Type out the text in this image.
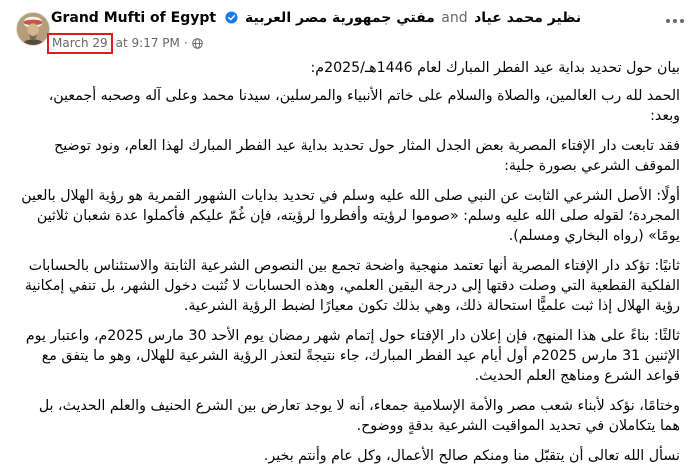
Grand Mufti of Egypt مفتي جمهورية مصر العربية and نظير محمد عياد
March 29 at 9:17 PM ·

بيان حول تحديد بداية عيد الفطر المبارك لعام 1446هـ/2025م:

الحمد لله رب العالمين، والصلاة والسلام على خاتم الأنبياء والمرسلين، سيدنا محمد وعلى آله وصحبه أجمعين، وبعد:

فقد تابعت دار الإفتاء المصرية بعض الجدل المثار حول تحديد بداية عيد الفطر المبارك لهذا العام، ونود توضيح الموقف الشرعي بصورة جلية:

أولًا: الأصل الشرعي الثابت عن النبي صلى الله عليه وسلم في تحديد بدايات الشهور القمرية هو رؤية الهلال بالعين المجردة؛ لقوله صلى الله عليه وسلم: «صوموا لرؤيته وأفطروا لرؤيته، فإن غُمّ عليكم فأكملوا عدة شعبان ثلاثين يومًا» (رواه البخاري ومسلم).

ثانيًا: تؤكد دار الإفتاء المصرية أنها تعتمد منهجية واضحة تجمع بين النصوص الشرعية الثابتة والاستئناس بالحسابات الفلكية القطعية التي وصلت دقتها إلى درجة اليقين العلمي، وهذه الحسابات لا تُثبت دخول الشهر، بل تنفي إمكانية رؤية الهلال إذا ثبت علميًّا استحالة ذلك، وهي بذلك تكون معيارًا لضبط الرؤية الشرعية.

ثالثًا: بناءً على هذا المنهج، فإن إعلان دار الإفتاء حول إتمام شهر رمضان يوم الأحد 30 مارس 2025م، واعتبار يوم الإثنين 31 مارس 2025م أول أيام عيد الفطر المبارك، جاء نتيجةً لتعذر الرؤية الشرعية للهلال، وهو ما يتفق مع قواعد الشرع ومناهج العلم الحديث.

وختامًا، نؤكد لأبناء شعب مصر والأمة الإسلامية جمعاء، أنه لا يوجد تعارض بين الشرع الحنيف والعلم الحديث، بل هما يتكاملان في تحديد المواقيت الشرعية بدقةٍ ووضوح.

نسأل الله تعالى أن يتقبّل منا ومنكم صالح الأعمال، وكل عام وأنتم بخير.
